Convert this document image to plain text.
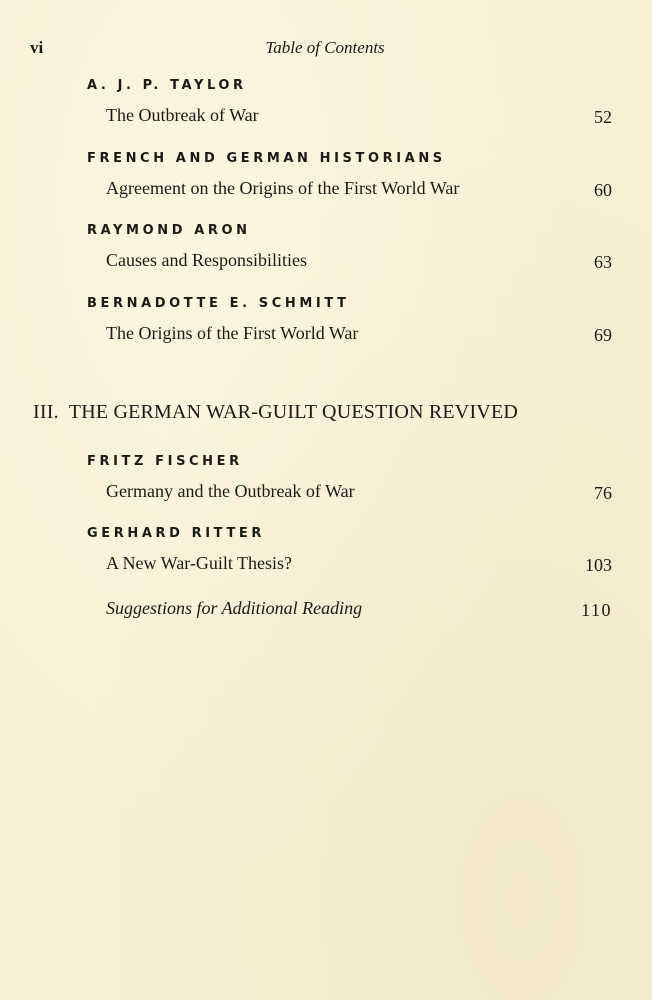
vi	Table of Contents
A. J. P. TAYLOR
The Outbreak of War	52
FRENCH AND GERMAN HISTORIANS
Agreement on the Origins of the First World War	60
RAYMOND ARON
Causes and Responsibilities	63
BERNADOTTE E. SCHMITT
The Origins of the First World War	69
III. THE GERMAN WAR-GUILT QUESTION REVIVED
FRITZ FISCHER
Germany and the Outbreak of War	76
GERHARD RITTER
A New War-Guilt Thesis?	103
Suggestions for Additional Reading	110
